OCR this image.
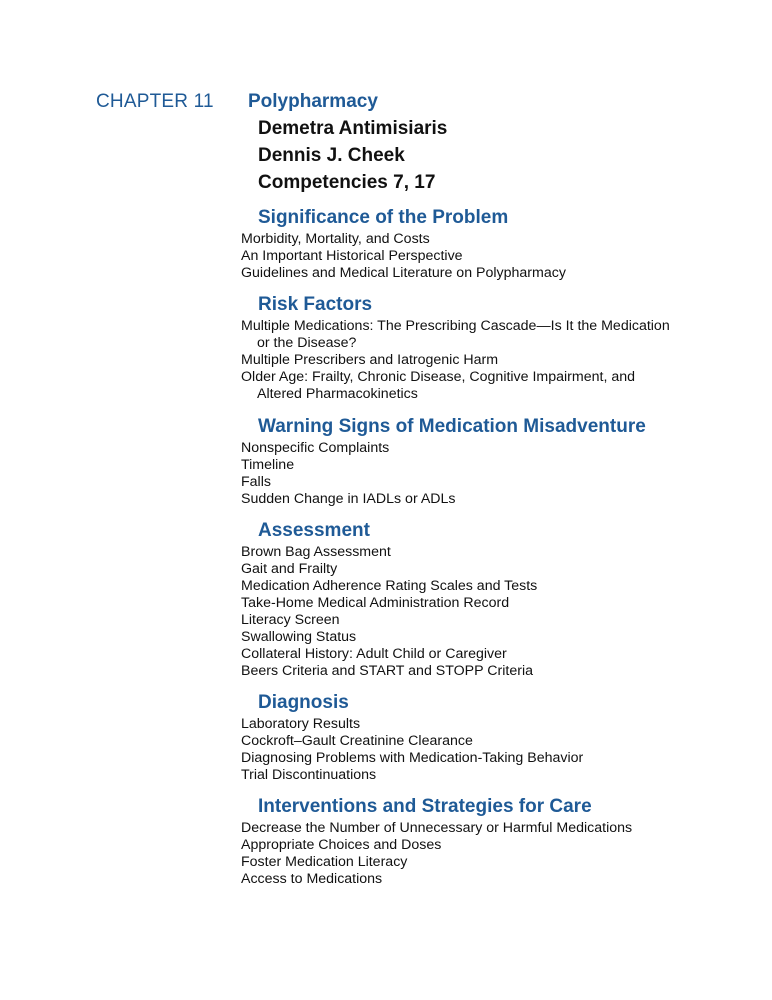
CHAPTER 11 Polypharmacy
Demetra Antimisiaris
Dennis J. Cheek
Competencies 7, 17
Significance of the Problem

Morbidity, Mortality, and Costs

An Important Historical Perspective

Guidelines and Medical Literature on Polypharmacy

Risk Factors

Multiple Medications: The Prescribing Cascade—Is It the Medication or the Disease?

Multiple Prescribers and Iatrogenic Harm

Older Age: Frailty, Chronic Disease, Cognitive Impairment, and Altered Pharmacokinetics

Warning Signs of Medication Misadventure

Nonspecific Complaints

Timeline

Falls

Sudden Change in IADLs or ADLs

Assessment

Brown Bag Assessment

Gait and Frailty

Medication Adherence Rating Scales and Tests

Take-Home Medical Administration Record

Literacy Screen

Swallowing Status

Collateral History: Adult Child or Caregiver

Beers Criteria and START and STOPP Criteria

Diagnosis

Laboratory Results

Cockroft–Gault Creatinine Clearance

Diagnosing Problems with Medication-Taking Behavior

Trial Discontinuations

Interventions and Strategies for Care

Decrease the Number of Unnecessary or Harmful Medications

Appropriate Choices and Doses

Foster Medication Literacy

Access to Medications
